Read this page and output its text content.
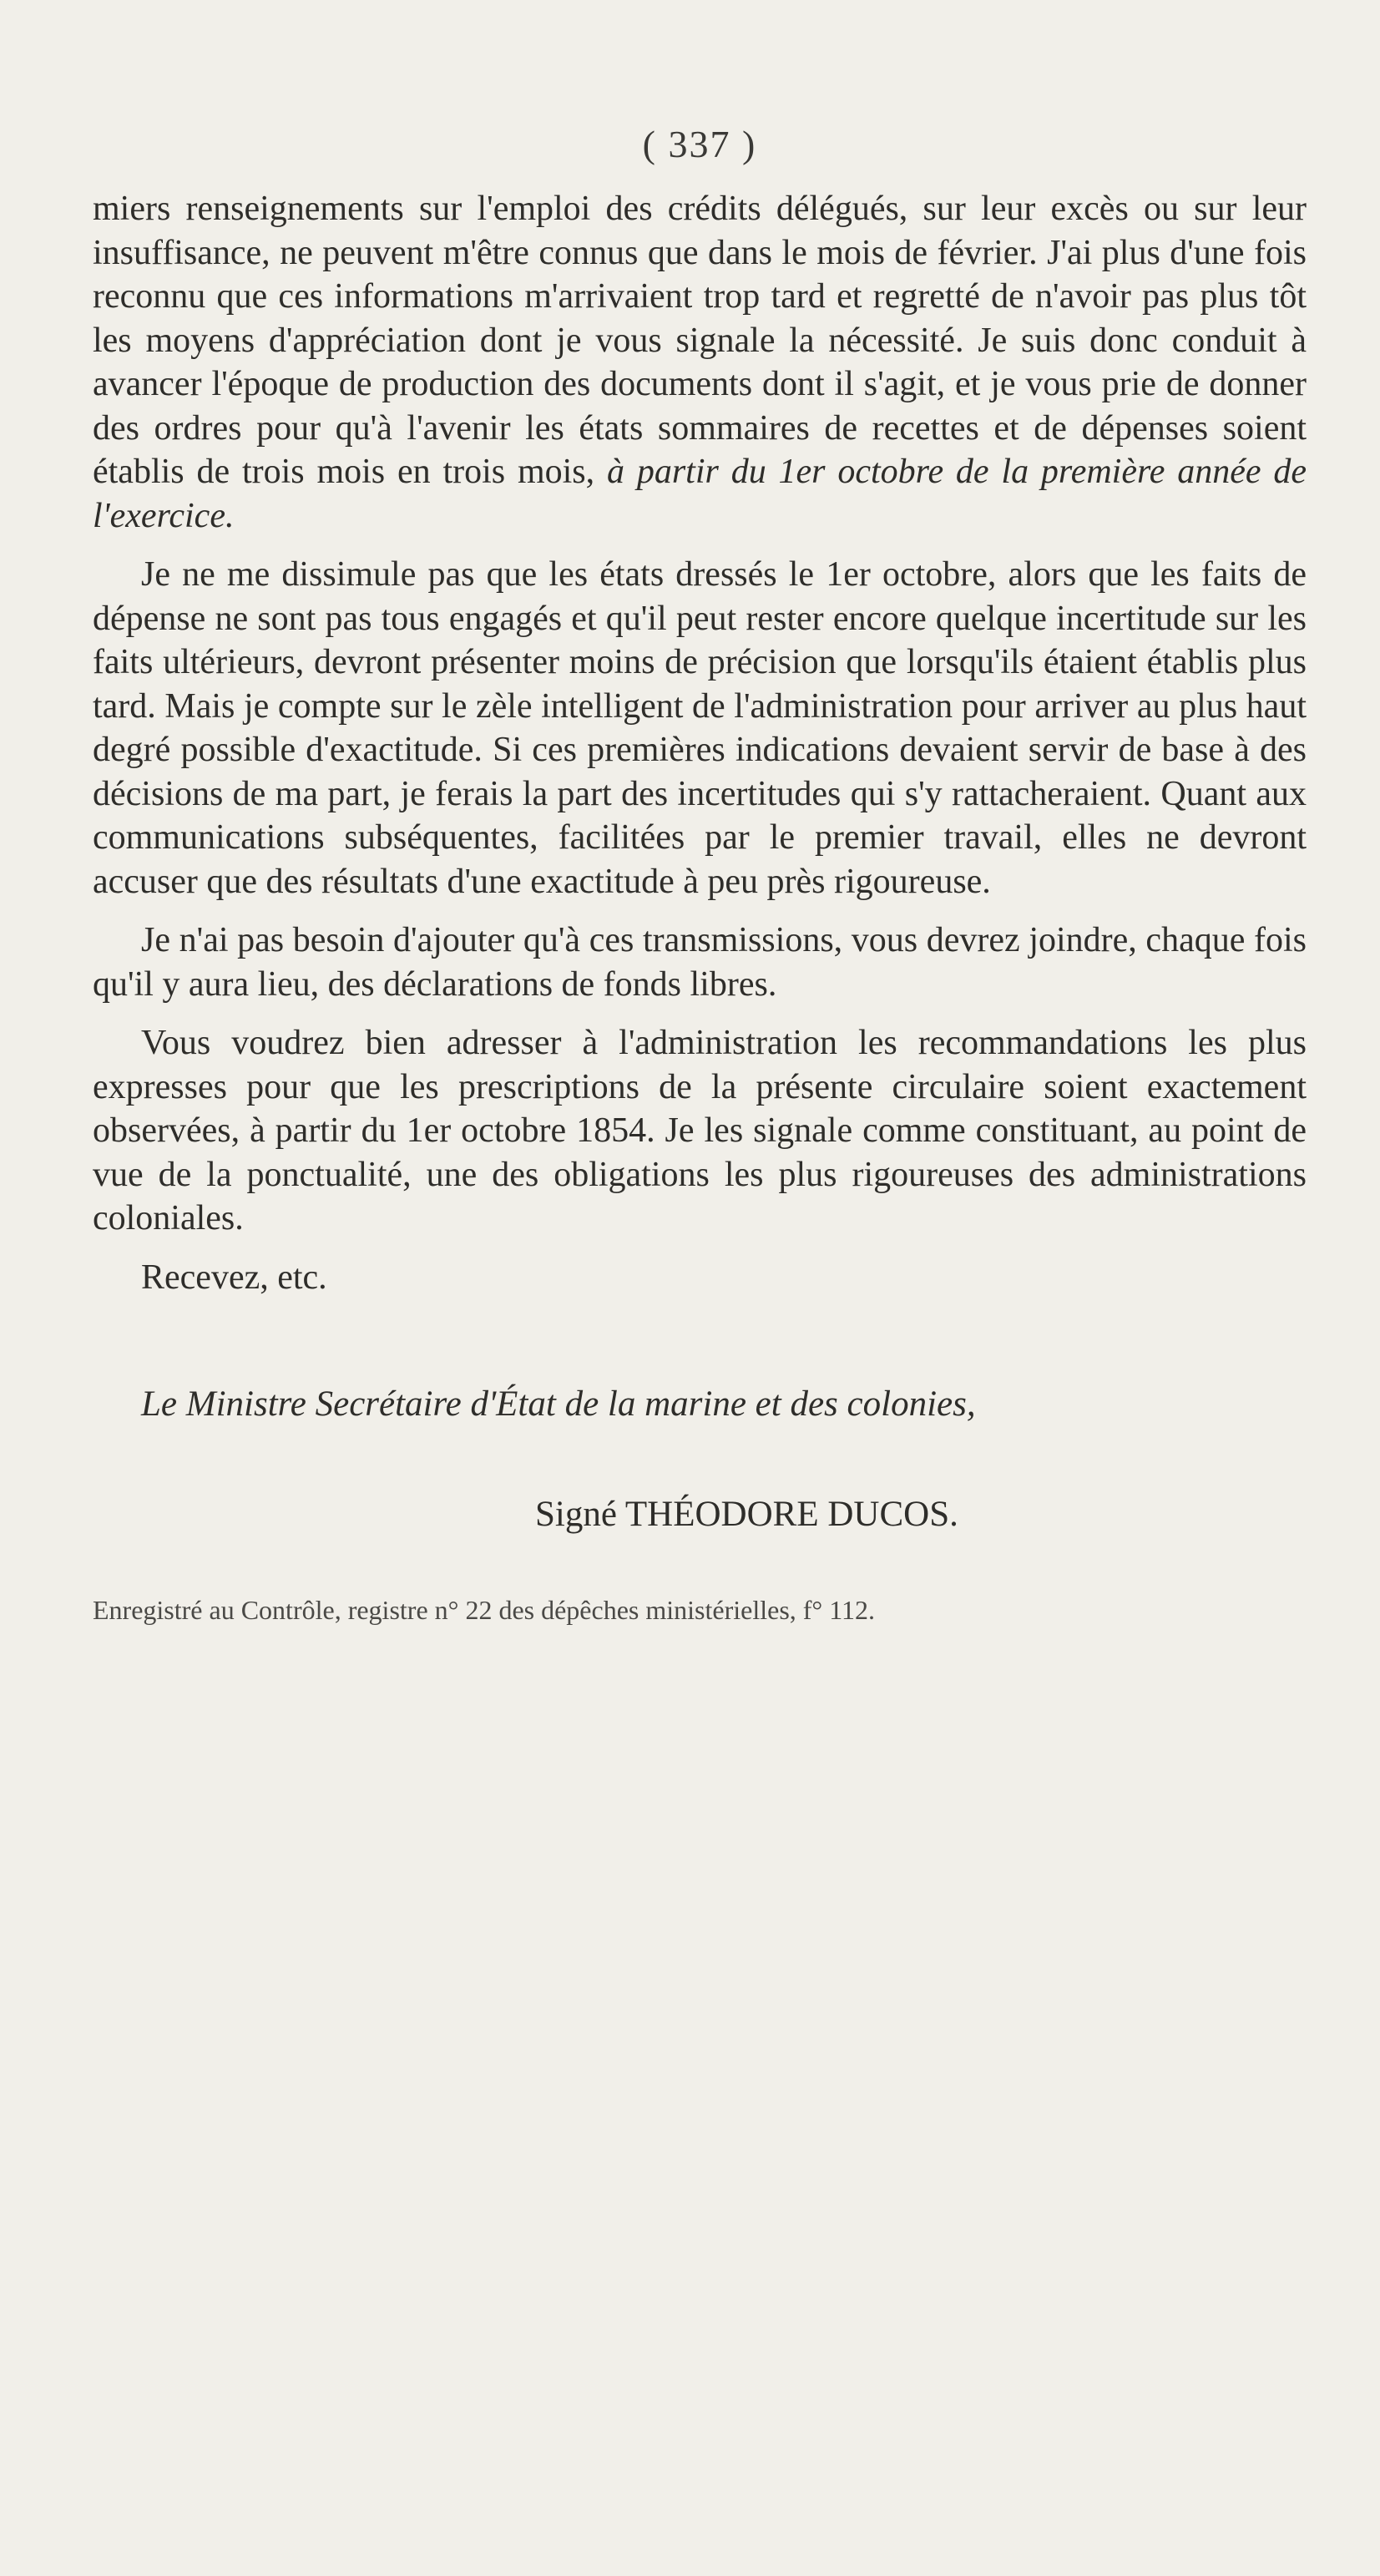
( 337 )

miers renseignements sur l'emploi des crédits délégués, sur leur excès ou sur leur insuffisance, ne peuvent m'être connus que dans le mois de février. J'ai plus d'une fois reconnu que ces informations m'arrivaient trop tard et regretté de n'avoir pas plus tôt les moyens d'appréciation dont je vous signale la nécessité. Je suis donc conduit à avancer l'époque de production des documents dont il s'agit, et je vous prie de donner des ordres pour qu'à l'avenir les états sommaires de recettes et de dépenses soient établis de trois mois en trois mois, à partir du 1er octobre de la première année de l'exercice.

Je ne me dissimule pas que les états dressés le 1er octobre, alors que les faits de dépense ne sont pas tous engagés et qu'il peut rester encore quelque incertitude sur les faits ultérieurs, devront présenter moins de précision que lorsqu'ils étaient établis plus tard. Mais je compte sur le zèle intelligent de l'administration pour arriver au plus haut degré possible d'exactitude. Si ces premières indications devaient servir de base à des décisions de ma part, je ferais la part des incertitudes qui s'y rattacheraient. Quant aux communications subséquentes, facilitées par le premier travail, elles ne devront accuser que des résultats d'une exactitude à peu près rigoureuse.

Je n'ai pas besoin d'ajouter qu'à ces transmissions, vous devrez joindre, chaque fois qu'il y aura lieu, des déclarations de fonds libres.

Vous voudrez bien adresser à l'administration les recommandations les plus expresses pour que les prescriptions de la présente circulaire soient exactement observées, à partir du 1er octobre 1854. Je les signale comme constituant, au point de vue de la ponctualité, une des obligations les plus rigoureuses des administrations coloniales.

Recevez, etc.

Le Ministre Secrétaire d'État de la marine et des colonies,
Signé THÉODORE DUCOS.
Enregistré au Contrôle, registre n° 22 des dépêches ministérielles, f° 112.
